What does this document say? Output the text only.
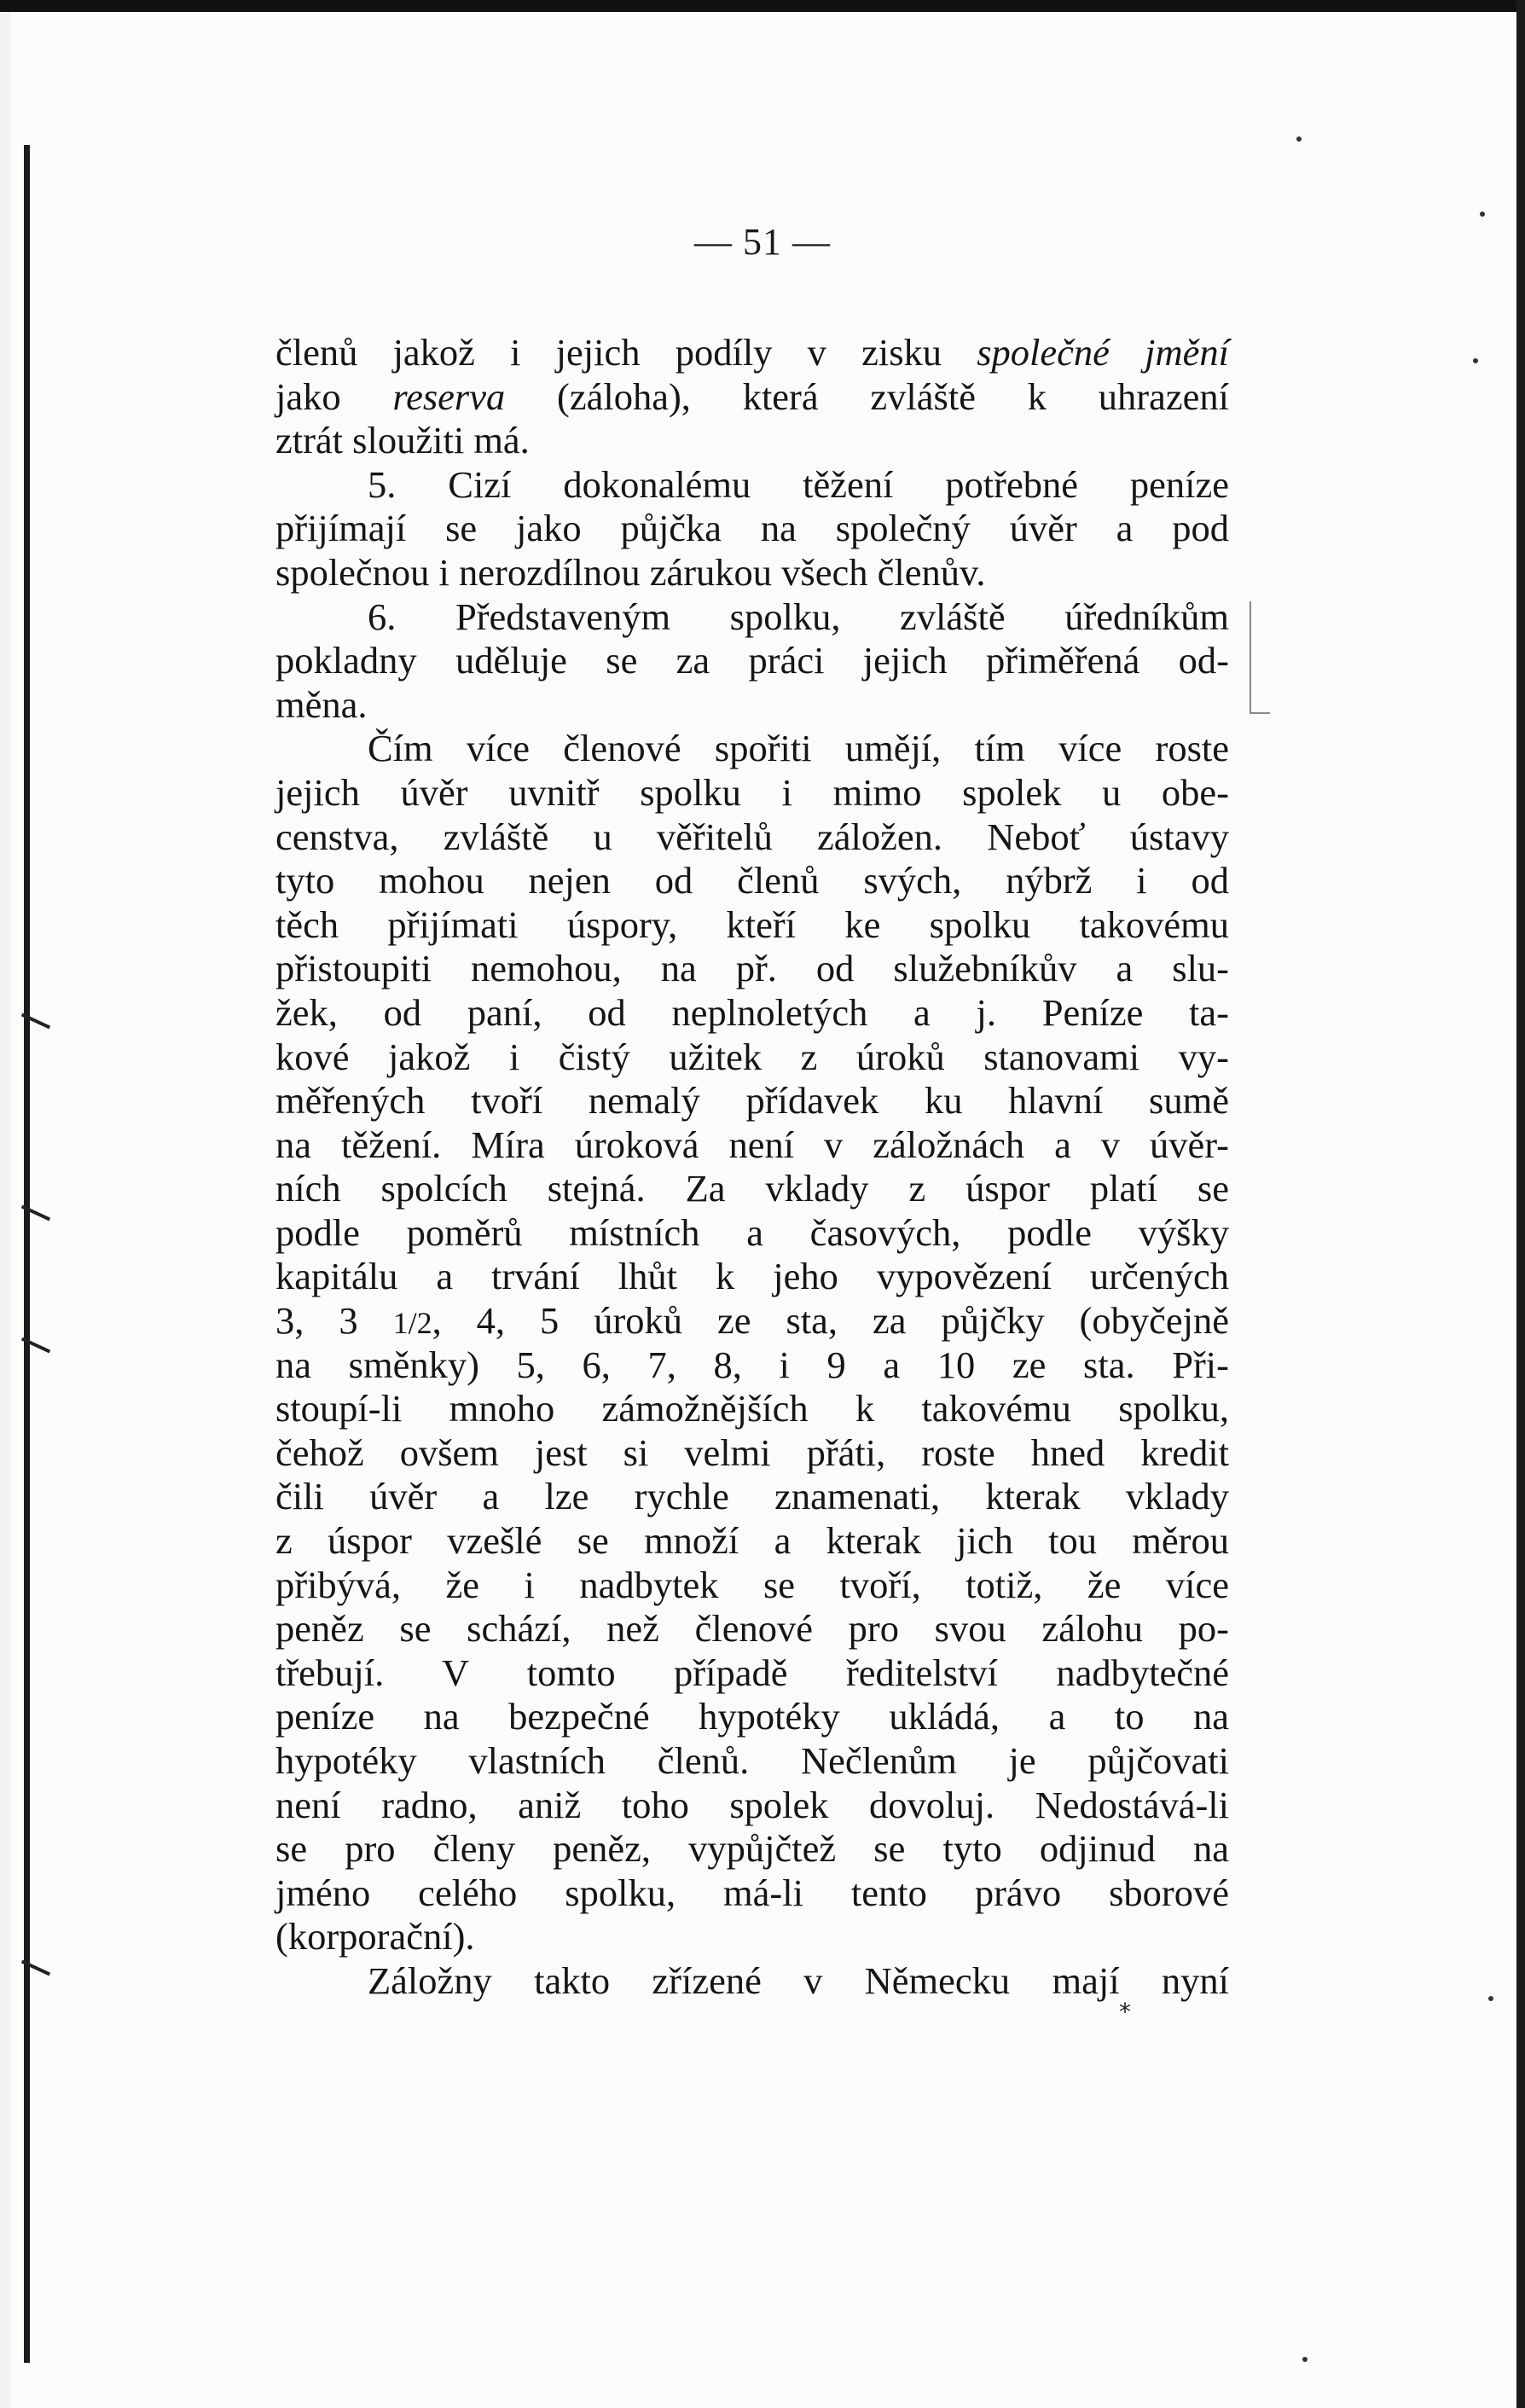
— 51 —
členů jakož i jejich podíly v zisku společné jmění
jako reserva (záloha), která zvláště k uhrazení
ztrát sloužiti má.
5. Cizí dokonalému těžení potřebné peníze
přijímají se jako půjčka na společný úvěr a pod
společnou i nerozdílnou zárukou všech členův.
6. Představeným spolku, zvláště úředníkům
pokladny uděluje se za práci jejich přiměřená od-
měna.
Čím více členové spořiti umějí, tím více roste
jejich úvěr uvnitř spolku i mimo spolek u obe-
censtva, zvláště u věřitelů záložen. Neboť ústavy
tyto mohou nejen od členů svých, nýbrž i od
těch přijímati úspory, kteří ke spolku takovému
přistoupiti nemohou, na př. od služebníkův a slu-
žek, od paní, od neplnoletých a j. Peníze ta-
kové jakož i čistý užitek z úroků stanovami vy-
měřených tvoří nemalý přídavek ku hlavní sumě
na těžení. Míra úroková není v záložnách a v úvěr-
ních spolcích stejná. Za vklady z úspor platí se
podle poměrů místních a časových, podle výšky
kapitálu a trvání lhůt k jeho vypovězení určených
3, 3 1/2, 4, 5 úroků ze sta, za půjčky (obyčejně
na směnky) 5, 6, 7, 8, i 9 a 10 ze sta. Při-
stoupí-li mnoho zámožnějších k takovému spolku,
čehož ovšem jest si velmi přáti, roste hned kredit
čili úvěr a lze rychle znamenati, kterak vklady
z úspor vzešlé se množí a kterak jich tou měrou
přibývá, že i nadbytek se tvoří, totiž, že více
peněz se schází, než členové pro svou zálohu po-
třebují. V tomto případě ředitelství nadbytečné
peníze na bezpečné hypotéky ukládá, a to na
hypotéky vlastních členů. Nečlenům je půjčovati
není radno, aniž toho spolek dovoluj. Nedostává-li
se pro členy peněz, vypůjčtež se tyto odjinud na
jméno celého spolku, má-li tento právo sborové
(korporační).
Záložny takto zřízené v Německu mají nyní
*
